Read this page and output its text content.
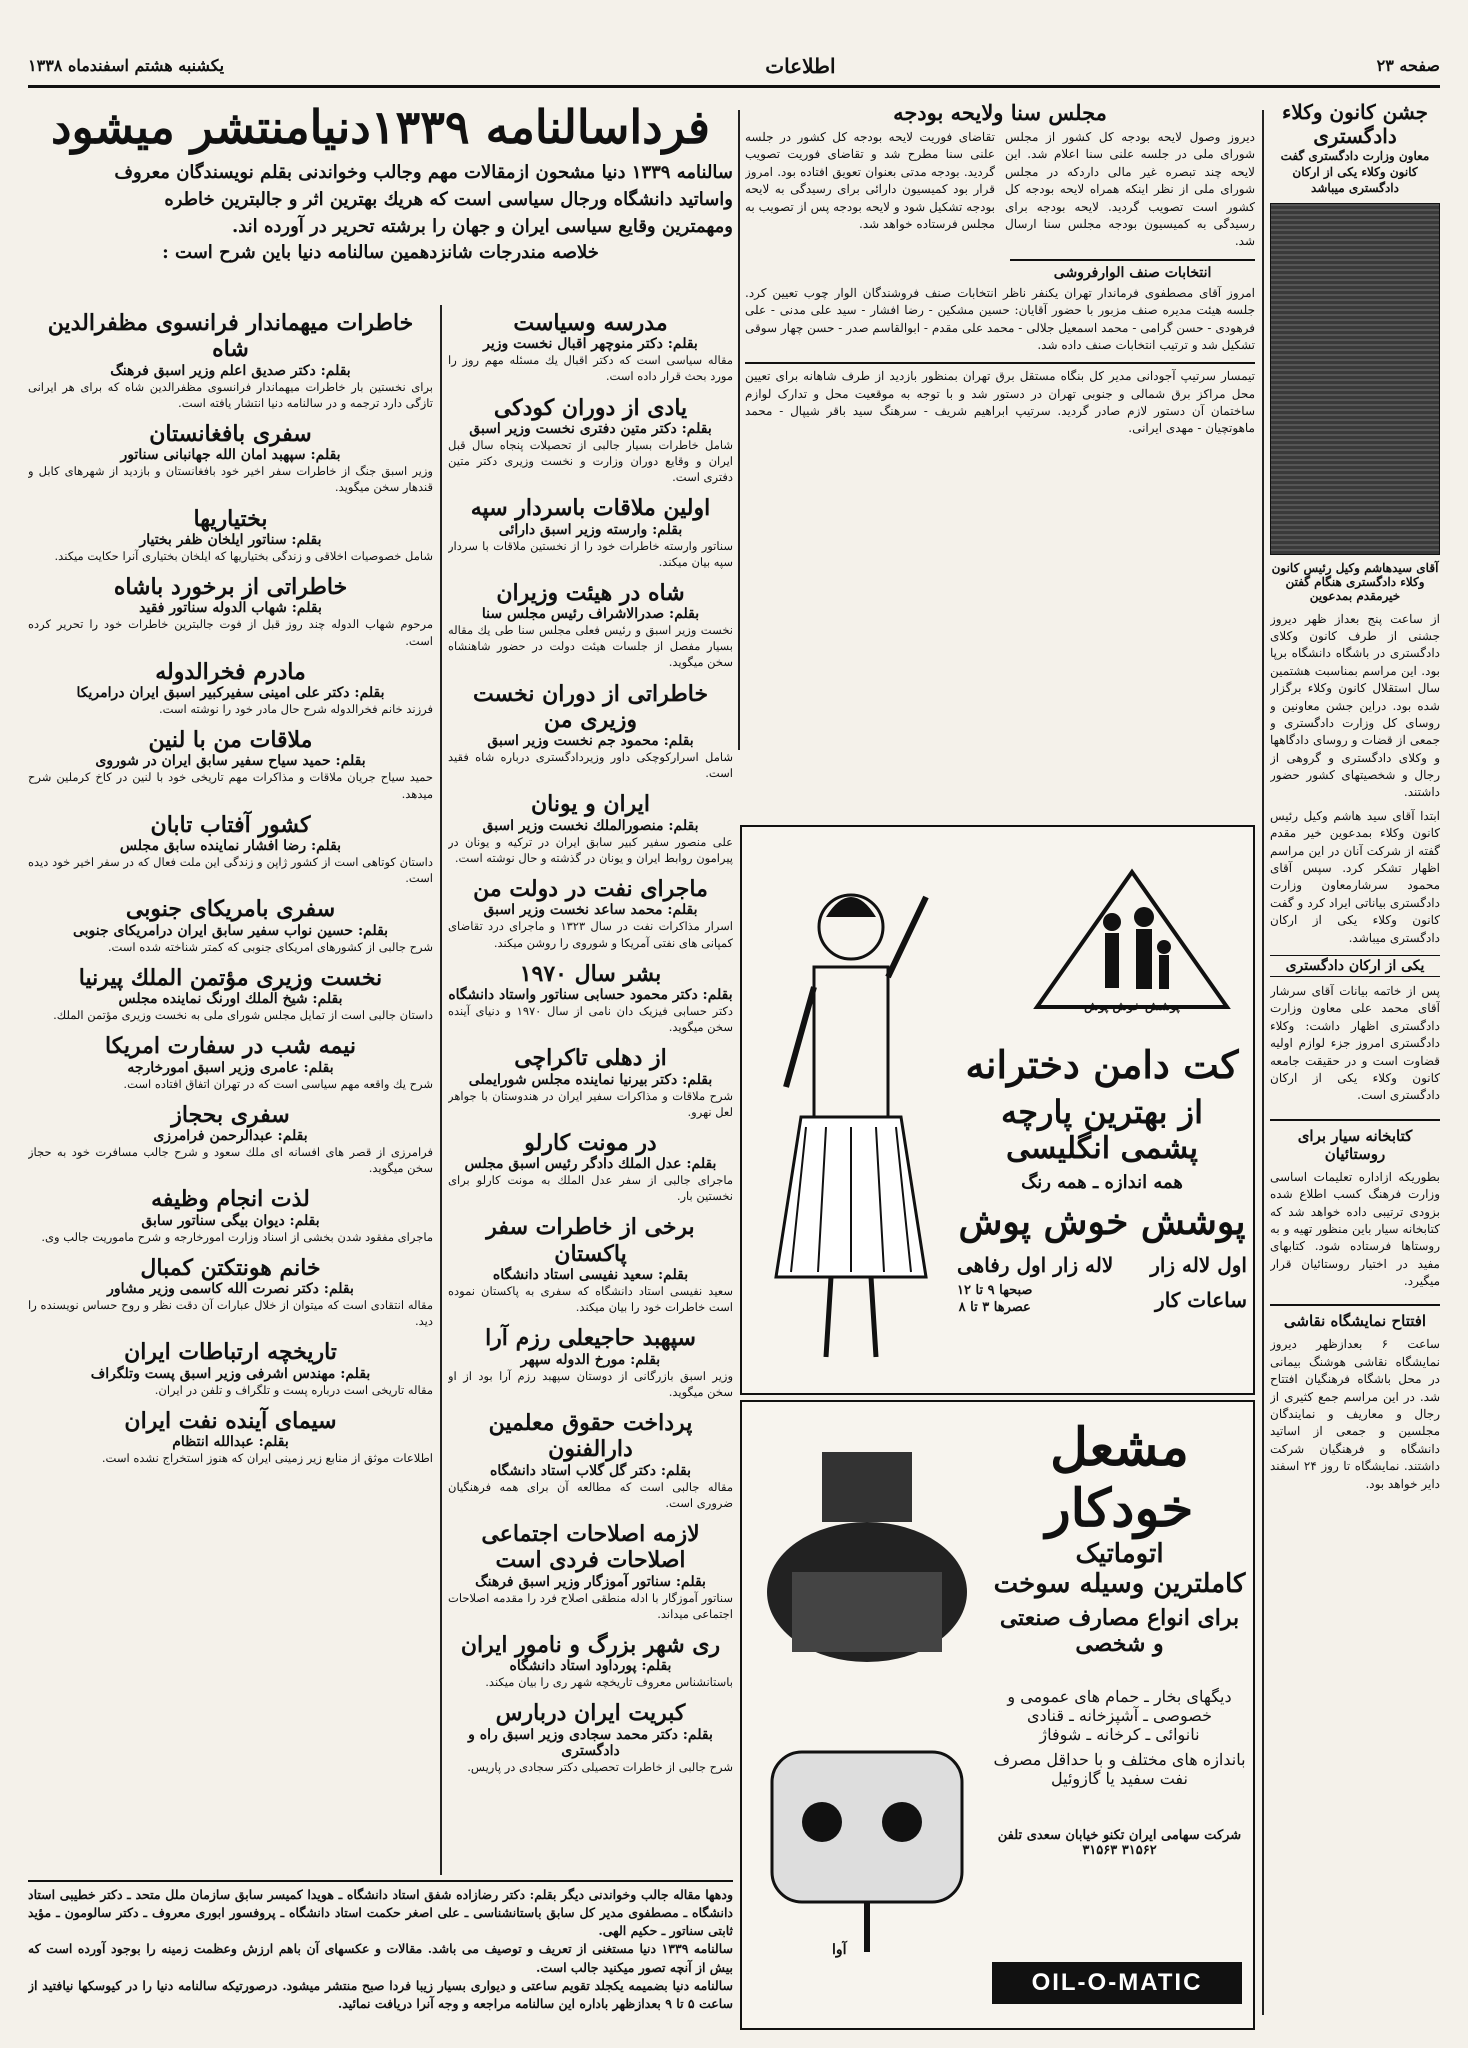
صفحه ۲۳
اطلاعات
یکشنبه هشتم اسفندماه ۱۳۳۸
جشن کانون وکلاء دادگستری
معاون وزارت دادگستری گفت کانون وکلاء یکی از ارکان دادگستری میباشد
آقای سیدهاشم وکیل رئیس کانون وکلاء دادگستری هنگام گفتن خیرمقدم بمدعوین
از ساعت پنج بعداز ظهر دیروز جشنی از طرف کانون وکلای دادگستری در باشگاه دانشگاه برپا بود. این مراسم بمناسبت هشتمین سال استقلال کانون وکلاء برگزار شده بود. دراین جشن معاونین و روسای کل وزارت دادگستری و جمعی از قضات و روسای دادگاهها و وکلای دادگستری و گروهی از رجال و شخصیتهای کشور حضور داشتند.
ابتدا آقای سید هاشم وکیل رئیس کانون وکلاء بمدعوین خیر مقدم گفته از شرکت آنان در این مراسم اظهار تشکر کرد. سپس آقای محمود سرشارمعاون وزارت دادگستری بیاناتی ایراد کرد و گفت کانون وکلاء یکی از ارکان دادگستری میباشد.
یکی از ارکان دادگستری
پس از خاتمه بیانات آقای سرشار آقای محمد علی معاون وزارت دادگستری اظهار داشت: وکلاء دادگستری امروز جزء لوازم اولیه قضاوت است و در حقیقت جامعه کانون وکلاء یکی از ارکان دادگستری است.
کتابخانه سیار برای روستائیان
بطوریکه ازاداره تعلیمات اساسی وزارت فرهنگ کسب اطلاع شده بزودی ترتیبی داده خواهد شد که کتابخانه سیار باین منظور تهیه و به روستاها فرستاده شود. کتابهای مفید در اختیار روستائیان قرار میگیرد.
افتتاح نمایشگاه نقاشی
ساعت ۶ بعدازظهر دیروز نمایشگاه نقاشی هوشنگ بیمانی در محل باشگاه فرهنگیان افتتاح شد. در این مراسم جمع کثیری از رجال و معاریف و نمایندگان مجلسین و جمعی از اساتید دانشگاه و فرهنگیان شرکت داشتند. نمایشگاه تا روز ۲۴ اسفند دایر خواهد بود.
مجلس سنا ولایحه بودجه
دیروز وصول لایحه بودجه کل کشور از مجلس شورای ملی در جلسه علنی سنا اعلام شد. این لایحه چند تبصره غیر مالی داردکه در مجلس شورای ملی از نظر اینکه همراه لایحه بودجه کل کشور است تصویب گردید. لایحه بودجه برای رسیدگی به کمیسیون بودجه مجلس سنا ارسال شد.
تقاضای فوریت لایحه بودجه کل کشور در جلسه علنی سنا مطرح شد و تقاضای فوریت تصویب گردید. بودجه مدتی بعنوان تعویق افتاده بود. امروز قرار بود کمیسیون دارائی برای رسیدگی به لایحه بودجه تشکیل شود و لایحه بودجه پس از تصویب به مجلس فرستاده خواهد شد.
انتخابات صنف الوارفروشی
امروز آقای مصطفوی فرماندار تهران یکنفر ناظر انتخابات صنف فروشندگان الوار چوب تعیین کرد. جلسه هیئت مدیره صنف مزبور با حضور آقایان: حسین مشکین - رضا افشار - سید علی مدنی - علی فرهودی - حسن گرامی - محمد اسمعیل جلالی - محمد علی مقدم - ابوالقاسم صدر - حسن چهار سوقی تشکیل شد و ترتیب انتخابات صنف داده شد.
تیمسار سرتیپ آجودانی مدیر کل بنگاه مستقل برق تهران بمنظور بازدید از طرف شاهانه برای تعیین محل مراکز برق شمالی و جنوبی تهران در دستور شد و با توجه به موقعیت محل و تدارک لوازم ساختمان آن دستور لازم صادر گردید. سرتیپ ابراهیم شریف - سرهنگ سید باقر شیپال - محمد ماهوتچیان - مهدی ایرانی.
پوشش خوش پوش
کت دامن دخترانه
از بهترین پارچه
پشمی انگلیسی
همه اندازه ـ همه رنگ
پوشش خوش پوش
اول لاله زار
لاله زار اول رفاهی
ساعات کار
صبحها ۹ تا ۱۲
عصرها ۳ تا ۸
آوا
مشعل خودکار
اتوماتیک
کاملترین وسیله سوخت
برای انواع مصارف صنعتی و شخصی
دیگهای بخار ـ حمام های عمومی و خصوصی ـ آشپزخانه ـ قنادی
نانوائی ـ کرخانه ـ شوفاژ
باندازه های مختلف و با حداقل مصرف
نفت سفید یا گازوئیل
شرکت سهامی ایران تکنو خیابان سعدی تلفن ۳۱۵۶۲ ۳۱۵۶۳
OIL-O-MATIC
فرداسالنامه ۱۳۳۹دنیامنتشر میشود
سالنامه ۱۳۳۹ دنیا مشحون ازمقالات مهم وجالب وخواندنی بقلم نویسندگان معروف
واساتید دانشگاه ورجال سیاسی است که هریك بهترین اثر و جالبترین خاطره
ومهمترین وقایع سیاسی ایران و جهان را برشته تحریر در آورده اند.
خلاصه مندرجات شانزدهمین سالنامه دنیا باین شرح است :
مدرسه وسیاست
بقلم: دکتر منوچهر اقبال نخست وزیر
مقاله سیاسی است که دکتر اقبال یك مسئله مهم روز را مورد بحث قرار داده است.
یادی از دوران کودکی
بقلم: دکتر متین دفتری نخست وزیر اسبق
شامل خاطرات بسیار جالبی از تحصیلات پنجاه سال قبل ایران و وقایع دوران وزارت و نخست وزیری دکتر متین دفتری است.
اولین ملاقات باسردار سپه
بقلم: وارسته وزیر اسبق دارائی
سناتور وارسته خاطرات خود را از نخستین ملاقات با سردار سپه بیان میکند.
شاه در هیئت وزیران
بقلم: صدرالاشراف رئیس مجلس سنا
نخست وزیر اسبق و رئیس فعلی مجلس سنا طی یك مقاله بسیار مفصل از جلسات هیئت دولت در حضور شاهنشاه سخن میگوید.
خاطراتی از دوران نخست وزیری من
بقلم: محمود جم نخست وزیر اسبق
شامل اسرارکوچکی داور وزیردادگستری درباره شاه فقید است.
ایران و یونان
بقلم: منصورالملك نخست وزیر اسبق
علی منصور سفیر کبیر سابق ایران در ترکیه و یونان در پیرامون روابط ایران و یونان در گذشته و حال نوشته است.
ماجرای نفت در دولت من
بقلم: محمد ساعد نخست وزیر اسبق
اسرار مذاکرات نفت در سال ۱۳۲۳ و ماجرای درد تقاضای کمپانی های نفتی آمریکا و شوروی را روشن میکند.
بشر سال ۱۹۷۰
بقلم: دکتر محمود حسابی سناتور واستاد دانشگاه
دکتر حسابی فیزیک دان نامی از سال ۱۹۷۰ و دنیای آینده سخن میگوید.
از دهلی تاکراچی
بقلم: دکتر بیرنیا نماینده مجلس شورایملی
شرح ملاقات و مذاکرات سفیر ایران در هندوستان با جواهر لعل نهرو.
در مونت کارلو
بقلم: عدل الملك دادگر رئیس اسبق مجلس
ماجرای جالبی از سفر عدل الملك به مونت کارلو برای نخستین بار.
برخی از خاطرات سفر پاکستان
بقلم: سعید نفیسی استاد دانشگاه
سعید نفیسی استاد دانشگاه که سفری به پاکستان نموده است خاطرات خود را بیان میکند.
سپهبد حاجیعلی رزم آرا
بقلم: مورخ الدوله سپهر
وزیر اسبق بازرگانی از دوستان سپهبد رزم آرا بود از او سخن میگوید.
پرداخت حقوق معلمین دارالفنون
بقلم: دکتر گل گلاب استاد دانشگاه
مقاله جالبی است که مطالعه آن برای همه فرهنگیان ضروری است.
لازمه اصلاحات اجتماعی اصلاحات فردی است
بقلم: سناتور آموزگار وزیر اسبق فرهنگ
سناتور آموزگار با ادله منطقی اصلاح فرد را مقدمه اصلاحات اجتماعی میداند.
ری شهر بزرگ و نامور ایران
بقلم: پورداود استاد دانشگاه
باستانشناس معروف تاریخچه شهر ری را بیان میکند.
کبریت ایران دربارس
بقلم: دکتر محمد سجادی وزیر اسبق راه و دادگستری
شرح جالبی از خاطرات تحصیلی دکتر سجادی در پاریس.
خاطرات میهماندار فرانسوی مظفرالدین شاه
بقلم: دکتر صدیق اعلم وزیر اسبق فرهنگ
برای نخستین بار خاطرات میهماندار فرانسوی مظفرالدین شاه که برای هر ایرانی تازگی دارد ترجمه و در سالنامه دنیا انتشار یافته است.
سفری بافغانستان
بقلم: سپهبد امان الله جهانبانی سناتور
وزیر اسبق جنگ از خاطرات سفر اخیر خود بافغانستان و بازدید از شهرهای کابل و قندهار سخن میگوید.
بختیاریها
بقلم: سناتور ایلخان ظفر بختیار
شامل خصوصیات اخلاقی و زندگی بختیاریها که ایلخان بختیاری آنرا حکایت میکند.
خاطراتی از برخورد باشاه
بقلم: شهاب الدوله سناتور فقید
مرحوم شهاب الدوله چند روز قبل از فوت جالبترین خاطرات خود را تحریر کرده است.
مادرم فخرالدوله
بقلم: دکتر علی امینی سفیرکبیر اسبق ایران درامریکا
فرزند خانم فخرالدوله شرح حال مادر خود را نوشته است.
ملاقات من با لنین
بقلم: حمید سیاح سفیر سابق ایران در شوروی
حمید سیاح جریان ملاقات و مذاکرات مهم تاریخی خود با لنین در کاخ کرملین شرح میدهد.
کشور آفتاب تابان
بقلم: رضا افشار نماینده سابق مجلس
داستان کوتاهی است از کشور ژاپن و زندگی این ملت فعال که در سفر اخیر خود دیده است.
سفری بامریکای جنوبی
بقلم: حسین نواب سفیر سابق ایران درامریکای جنوبی
شرح جالبی از کشورهای امریکای جنوبی که کمتر شناخته شده است.
نخست وزیری مؤتمن الملك پیرنیا
بقلم: شیخ الملك اورنگ نماینده مجلس
داستان جالبی است از تمایل مجلس شورای ملی به نخست وزیری مؤتمن الملك.
نیمه شب در سفارت امریکا
بقلم: عامری وزیر اسبق امورخارجه
شرح یك واقعه مهم سیاسی است که در تهران اتفاق افتاده است.
سفری بحجاز
بقلم: عبدالرحمن فرامرزی
فرامرزی از قصر های افسانه ای ملك سعود و شرح جالب مسافرت خود به حجاز سخن میگوید.
لذت انجام وظیفه
بقلم: دیوان بیگی سناتور سابق
ماجرای مفقود شدن بخشی از اسناد وزارت امورخارجه و شرح ماموریت جالب وی.
خانم هونتکتن کمبال
بقلم: دکتر نصرت الله کاسمی وزیر مشاور
مقاله انتقادی است که میتوان از خلال عبارات آن دقت نظر و روح حساس نویسنده را دید.
تاریخچه ارتباطات ایران
بقلم: مهندس اشرفی وزیر اسبق پست وتلگراف
مقاله تاریخی است درباره پست و تلگراف و تلفن در ایران.
سیمای آینده نفت ایران
بقلم: عبدالله انتظام
اطلاعات موثق از منابع زیر زمینی ایران که هنوز استخراج نشده است.
ودهها مقاله جالب وخواندنی دیگر بقلم: دکتر رضازاده شفق استاد دانشگاه ـ هویدا کمیسر سابق سازمان ملل متحد ـ دکتر خطیبی استاد دانشگاه ـ مصطفوی مدیر کل سابق باستانشناسی ـ علی اصغر حکمت استاد دانشگاه ـ پروفسور ابوری معروف ـ دکتر سالومون ـ مؤید ثابتی سناتور ـ حکیم الهی.
سالنامه ۱۳۳۹ دنیا مستغنی از تعریف و توصیف می باشد. مقالات و عکسهای آن باهم ارزش وعظمت زمینه را بوجود آورده است که بیش از آنچه تصور میکنید جالب است.
سالنامه دنیا بضمیمه یکجلد تقویم ساعتی و دیواری بسیار زیبا فردا صبح منتشر میشود. درصورتیکه سالنامه دنیا را در کیوسکها نیافتید از ساعت ۵ تا ۹ بعدازظهر باداره این سالنامه مراجعه و وجه آنرا دریافت نمائید.
